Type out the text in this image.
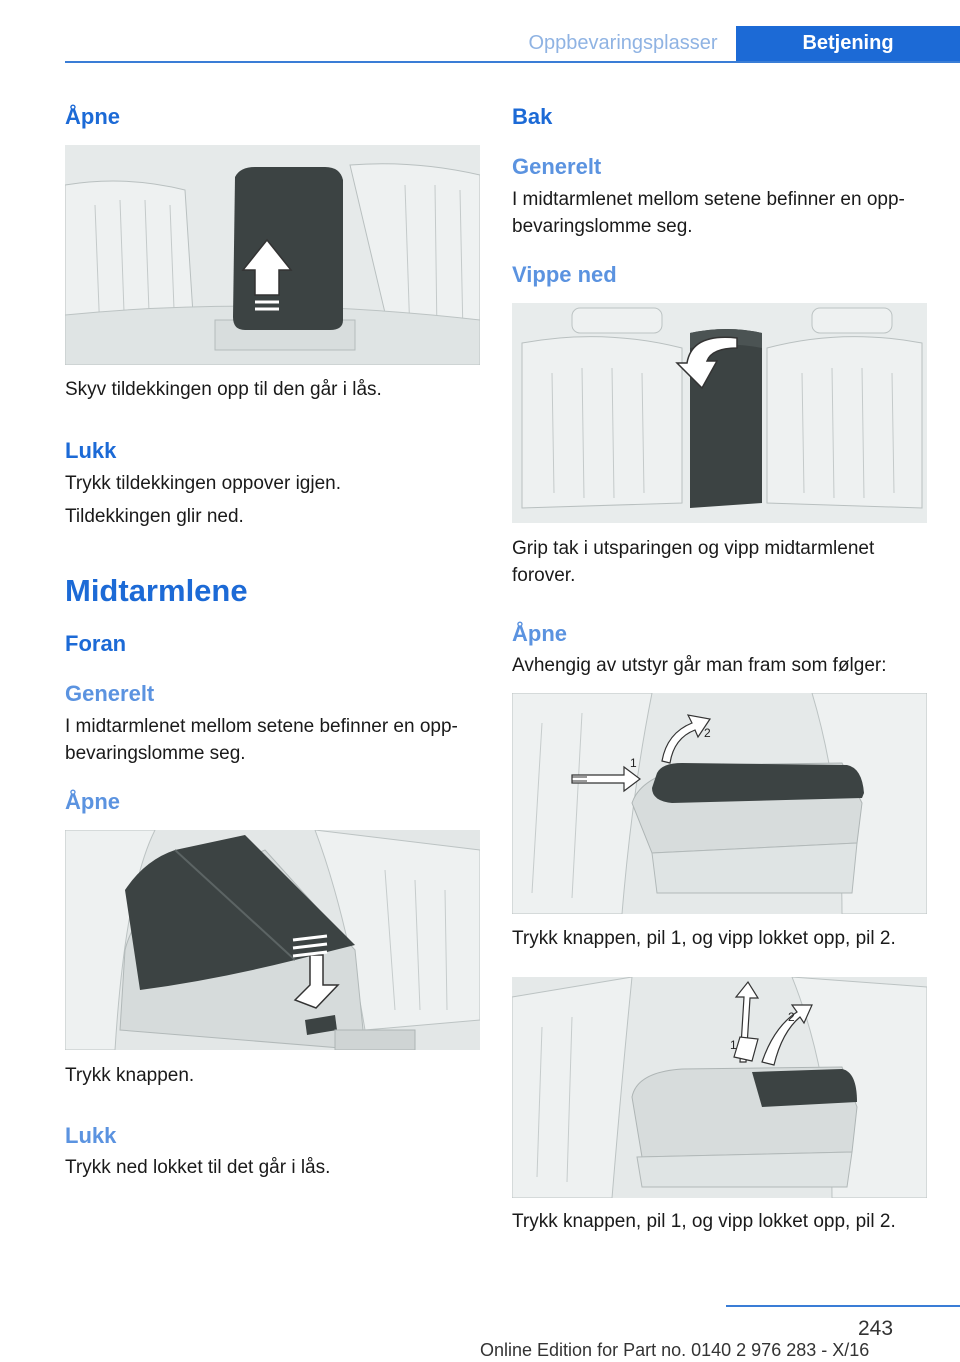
Oppbevaringsplasser	Betjening
Åpne
Skyv tildekkingen opp til den går i lås.
Lukk
Trykk tildekkingen oppover igjen.
Tildekkingen glir ned.
Midtarmlene
Foran
Generelt
I midtarmlenet mellom setene befinner en opp-
bevaringslomme seg.
Åpne
Trykk knappen.
Lukk
Trykk ned lokket til det går i lås.
Bak
Generelt
I midtarmlenet mellom setene befinner en opp-
bevaringslomme seg.
Vippe ned
Grip tak i utsparingen og vipp midtarmlenet
forover.
Åpne
Avhengig av utstyr går man fram som følger:
1
2
Trykk knappen, pil 1, og vipp lokket opp, pil 2.
1
2
Trykk knappen, pil 1, og vipp lokket opp, pil 2.
243
Online Edition for Part no. 0140 2 976 283 - X/16
